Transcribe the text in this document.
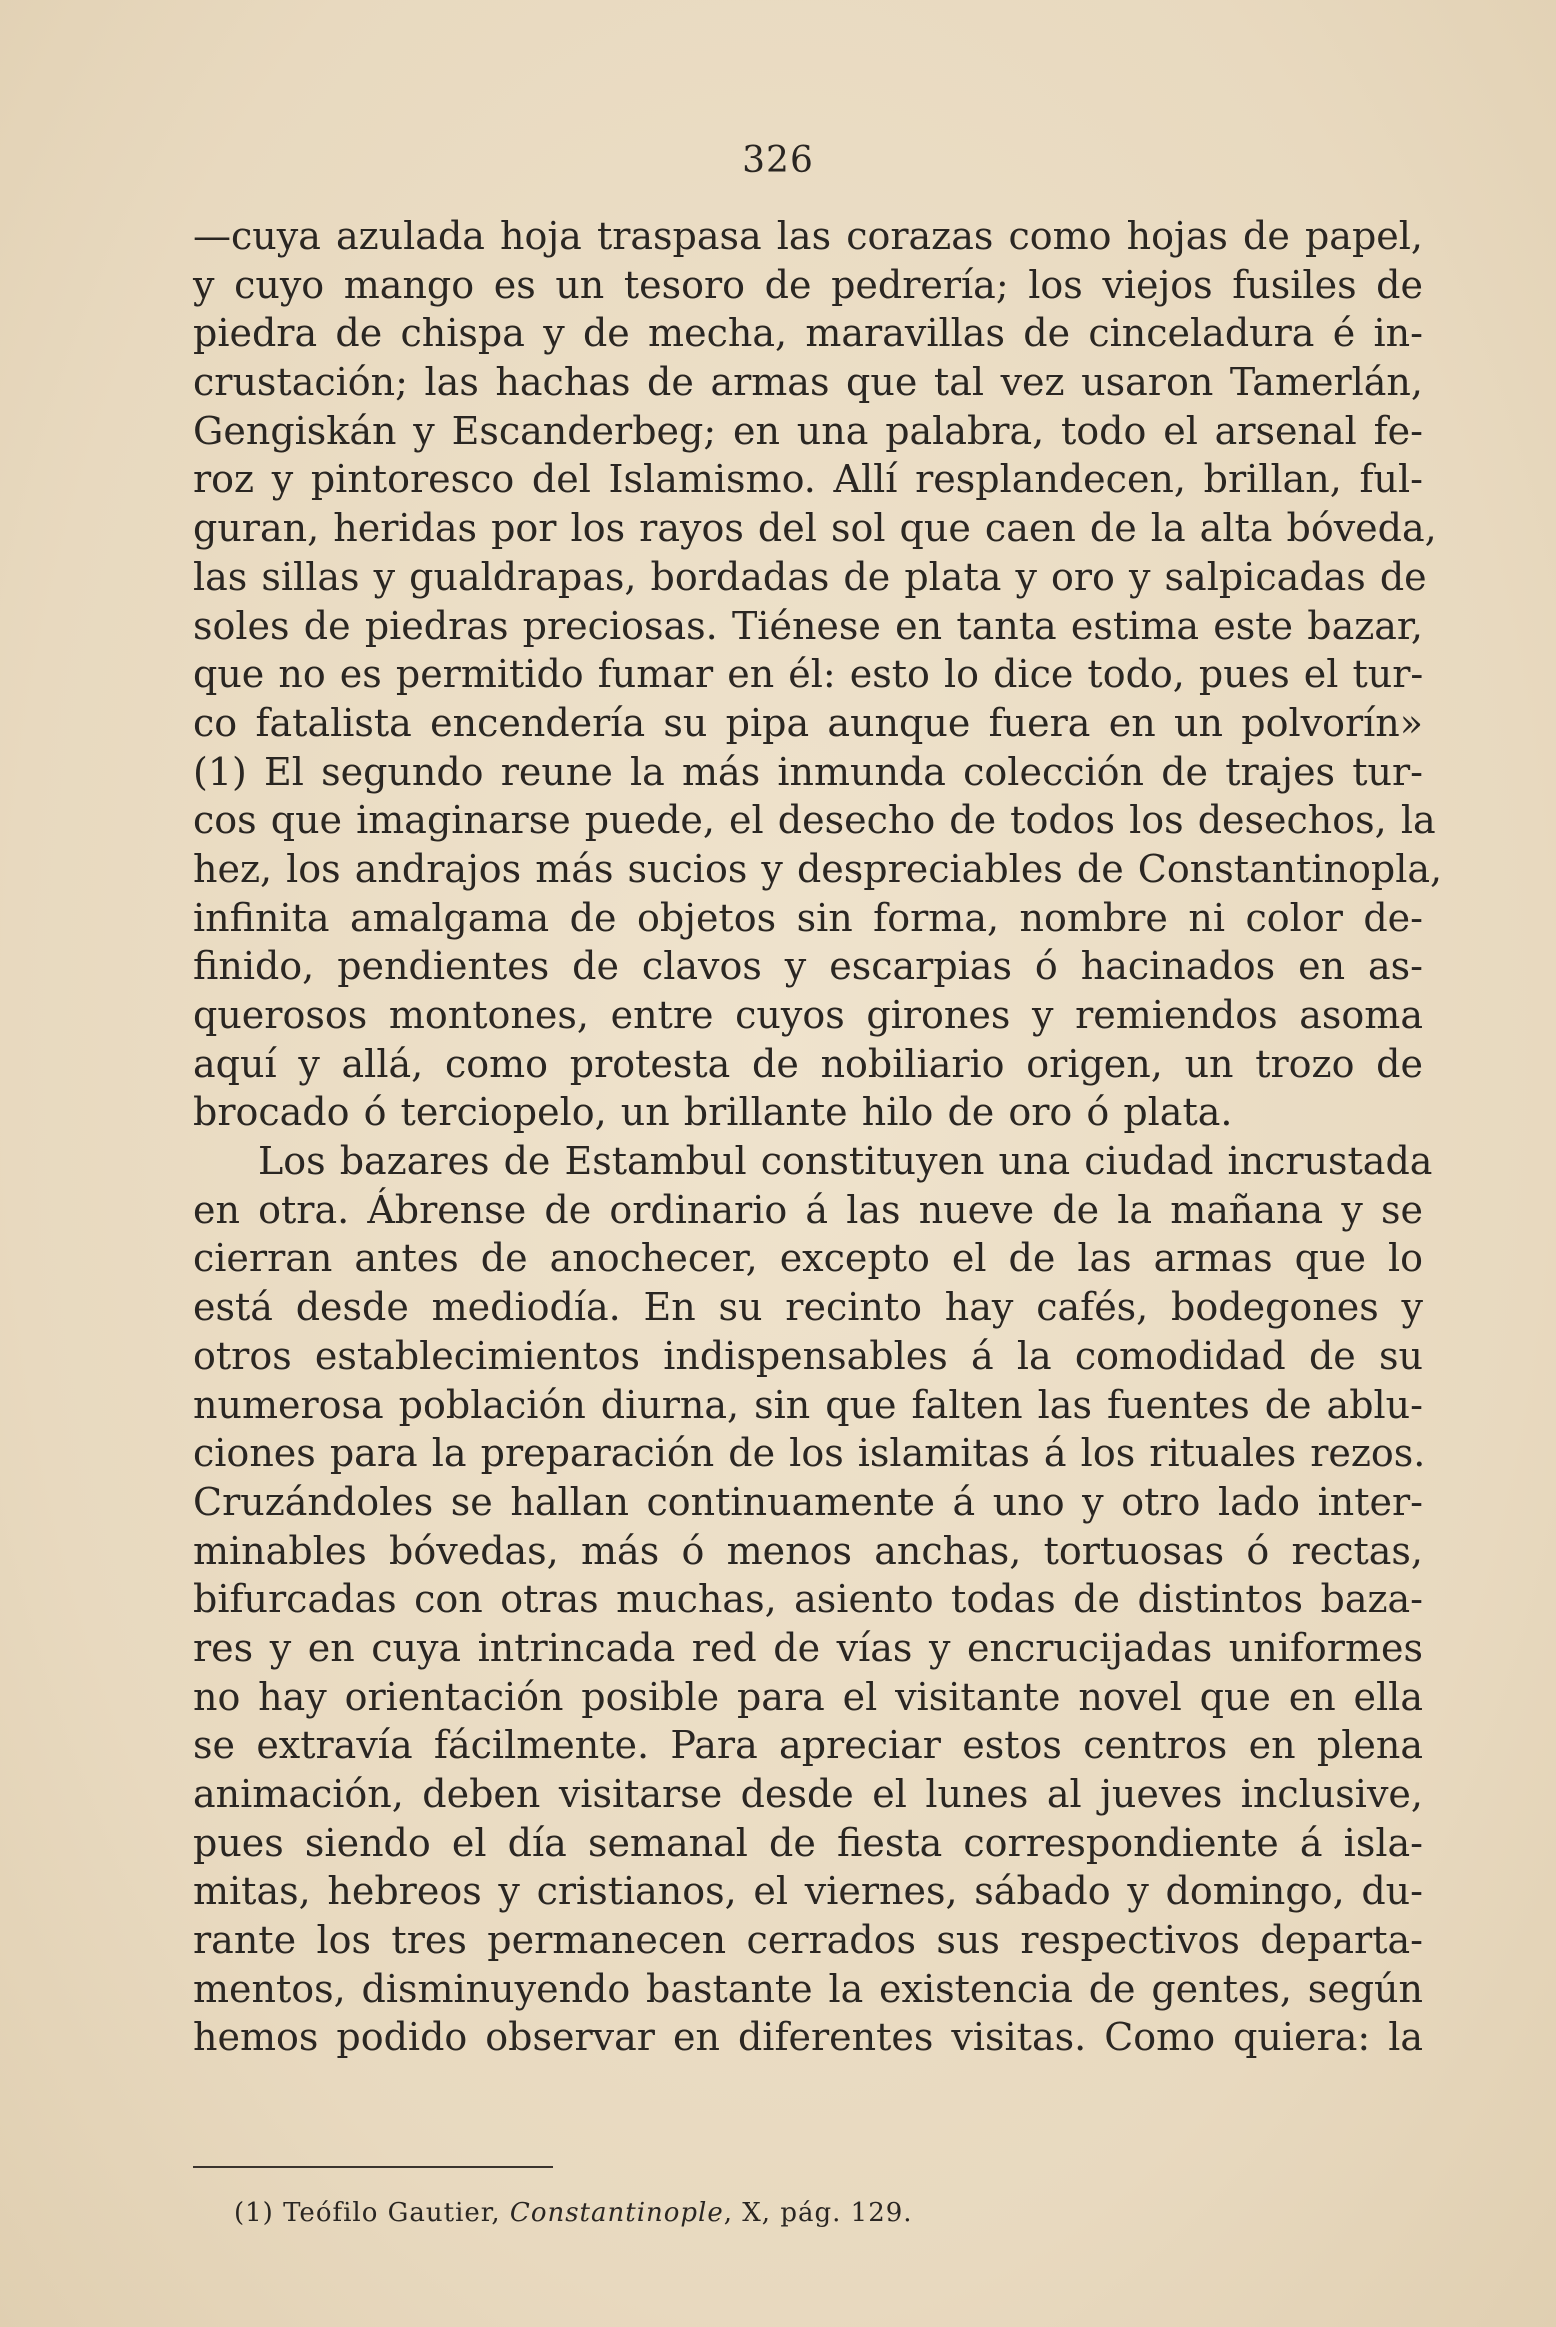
326
—cuya azulada hoja traspasa las corazas como hojas de papel,
y cuyo mango es un tesoro de pedrería; los viejos fusiles de
piedra de chispa y de mecha, maravillas de cinceladura é in-
crustación; las hachas de armas que tal vez usaron Tamerlán,
Gengiskán y Escanderbeg; en una palabra, todo el arsenal fe-
roz y pintoresco del Islamismo. Allí resplandecen, brillan, ful-
guran, heridas por los rayos del sol que caen de la alta bóveda,
las sillas y gualdrapas, bordadas de plata y oro y salpicadas de
soles de piedras preciosas. Tiénese en tanta estima este bazar,
que no es permitido fumar en él: esto lo dice todo, pues el tur-
co fatalista encendería su pipa aunque fuera en un polvorín»
(1) El segundo reune la más inmunda colección de trajes tur-
cos que imaginarse puede, el desecho de todos los desechos, la
hez, los andrajos más sucios y despreciables de Constantinopla,
infinita amalgama de objetos sin forma, nombre ni color de-
finido, pendientes de clavos y escarpias ó hacinados en as-
querosos montones, entre cuyos girones y remiendos asoma
aquí y allá, como protesta de nobiliario origen, un trozo de
brocado ó terciopelo, un brillante hilo de oro ó plata.
Los bazares de Estambul constituyen una ciudad incrustada
en otra. Ábrense de ordinario á las nueve de la mañana y se
cierran antes de anochecer, excepto el de las armas que lo
está desde mediodía. En su recinto hay cafés, bodegones y
otros establecimientos indispensables á la comodidad de su
numerosa población diurna, sin que falten las fuentes de ablu-
ciones para la preparación de los islamitas á los rituales rezos.
Cruzándoles se hallan continuamente á uno y otro lado inter-
minables bóvedas, más ó menos anchas, tortuosas ó rectas,
bifurcadas con otras muchas, asiento todas de distintos baza-
res y en cuya intrincada red de vías y encrucijadas uniformes
no hay orientación posible para el visitante novel que en ella
se extravía fácilmente. Para apreciar estos centros en plena
animación, deben visitarse desde el lunes al jueves inclusive,
pues siendo el día semanal de fiesta correspondiente á isla-
mitas, hebreos y cristianos, el viernes, sábado y domingo, du-
rante los tres permanecen cerrados sus respectivos departa-
mentos, disminuyendo bastante la existencia de gentes, según
hemos podido observar en diferentes visitas. Como quiera: la
(1) Teófilo Gautier, Constantinople, X, pág. 129.
